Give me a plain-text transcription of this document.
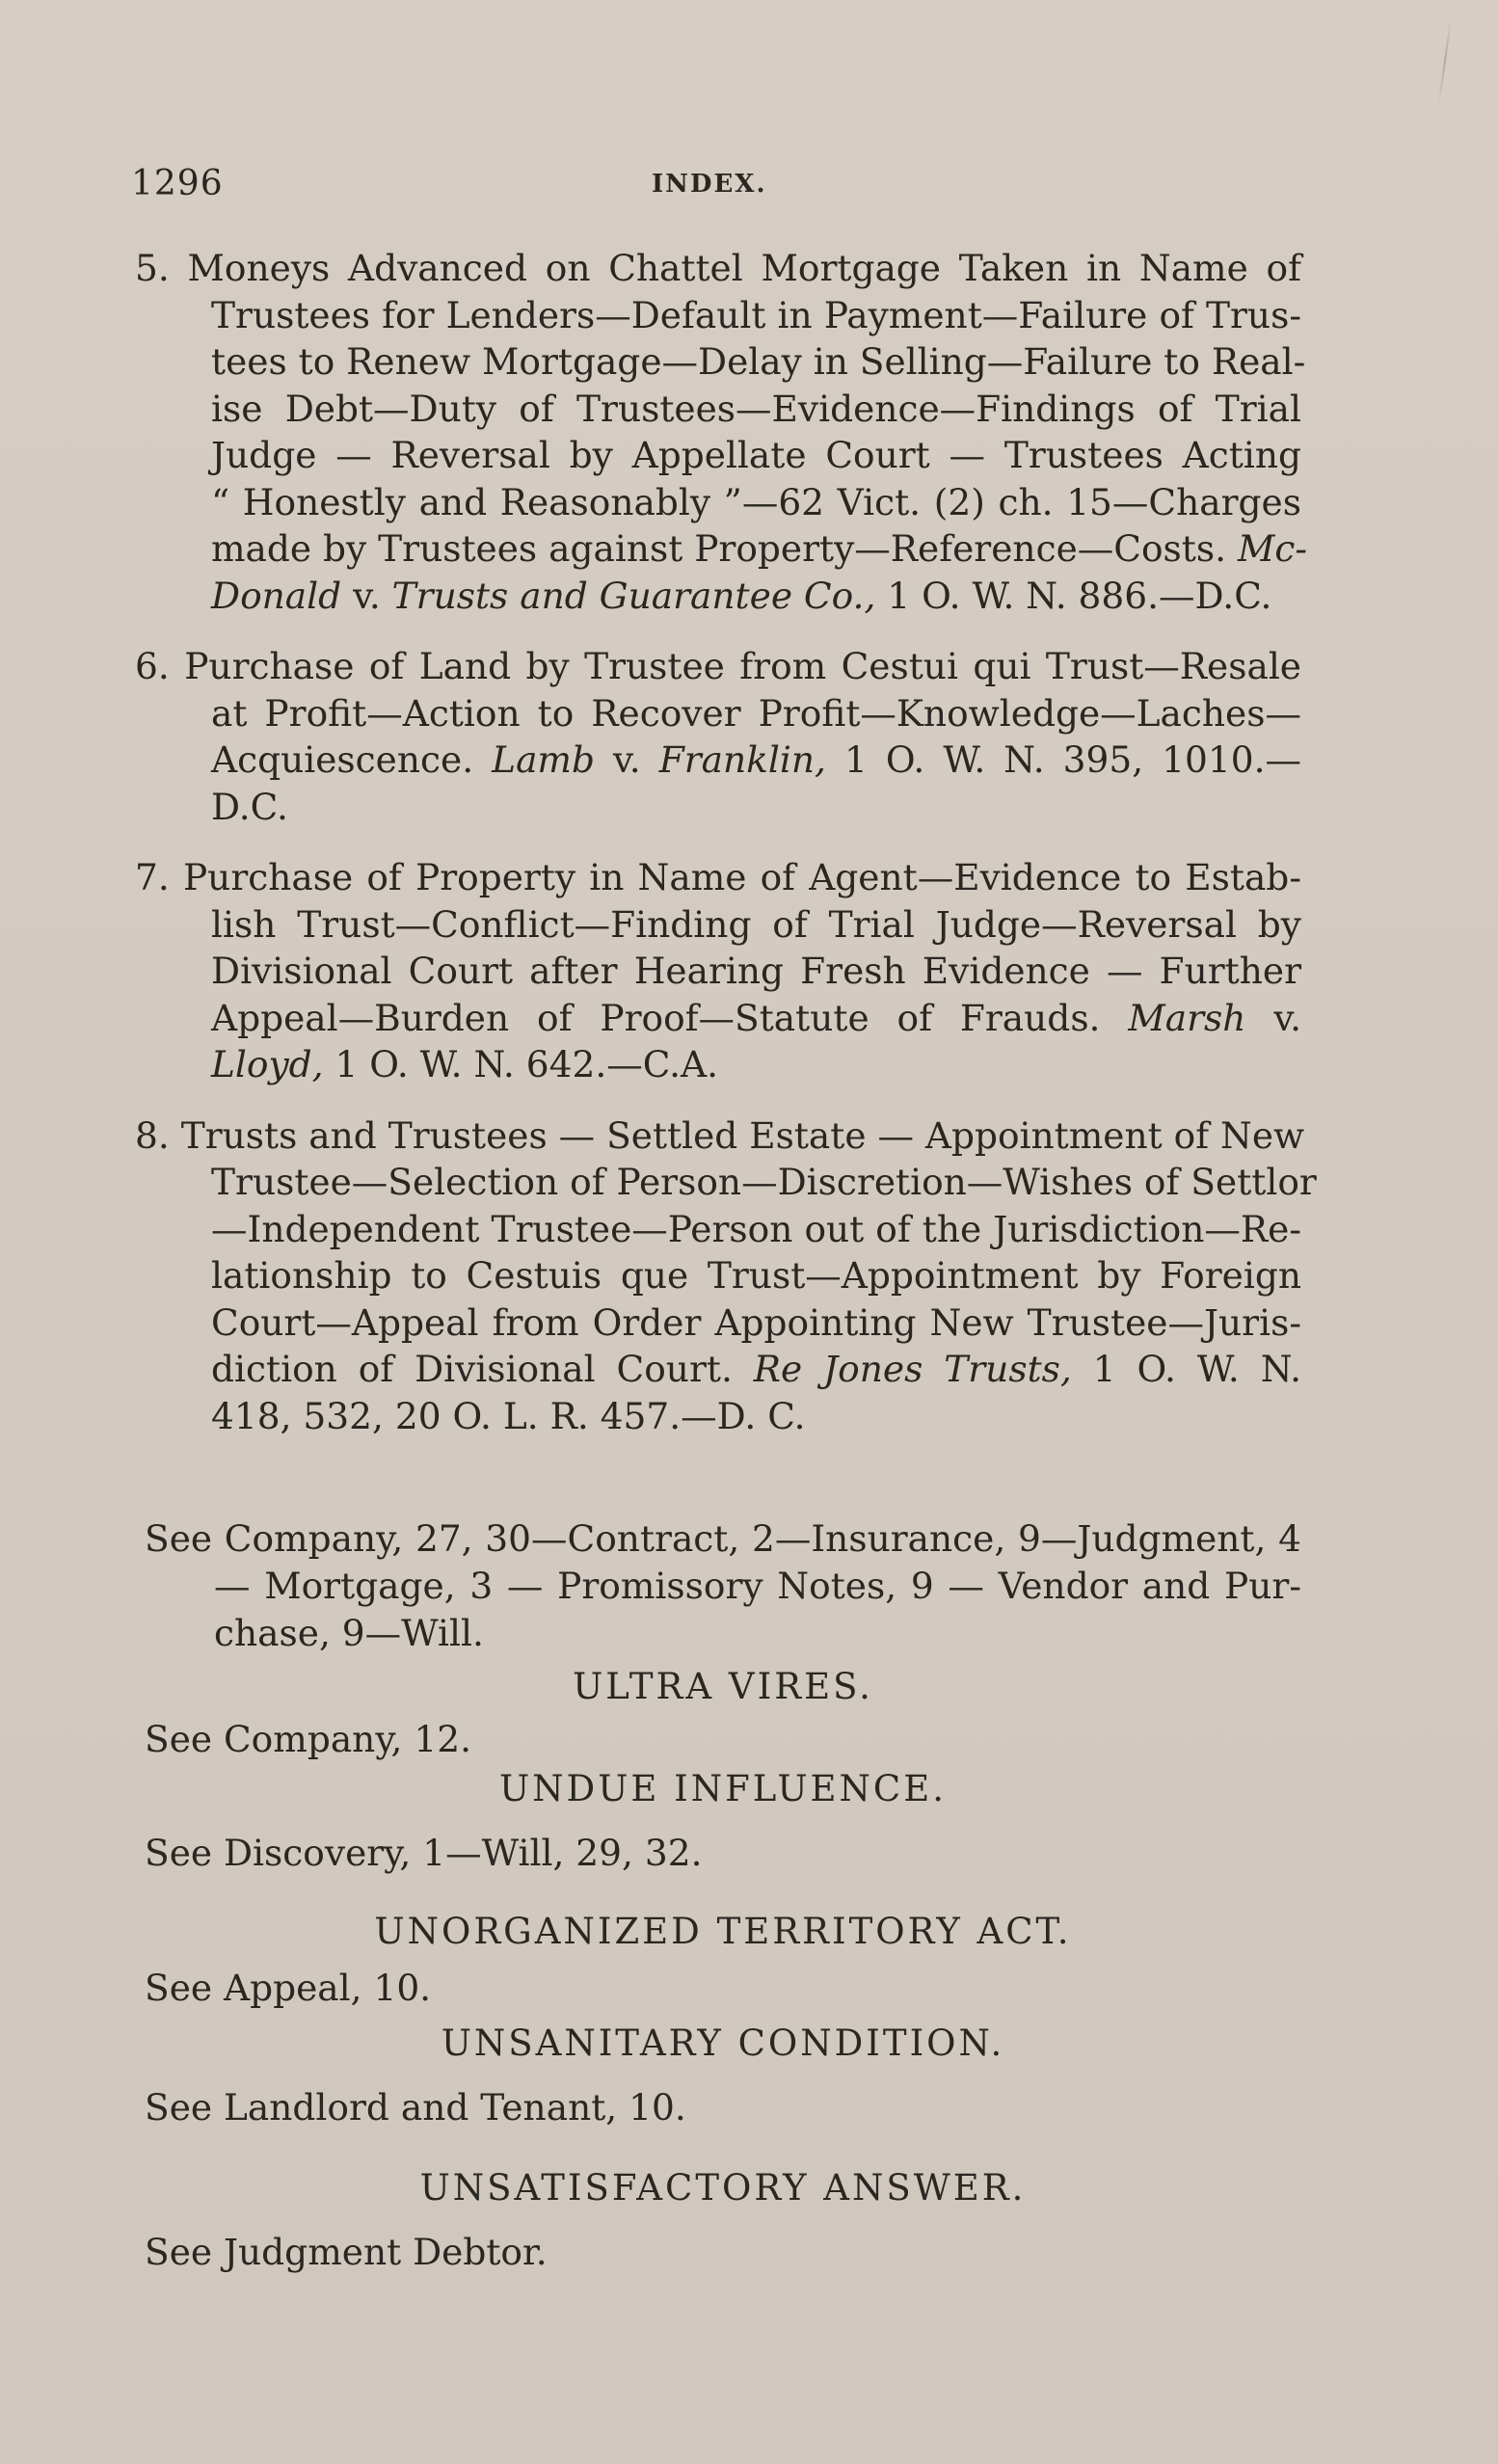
1296	INDEX.
5. Moneys Advanced on Chattel Mortgage Taken in Name of
Trustees for Lenders—Default in Payment—Failure of Trus-
tees to Renew Mortgage—Delay in Selling—Failure to Real-
ise Debt—Duty of Trustees—Evidence—Findings of Trial
Judge — Reversal by Appellate Court — Trustees Acting
“ Honestly and Reasonably ”—62 Vict. (2) ch. 15—Charges
made by Trustees against Property—Reference—Costs. Mc-
Donald v. Trusts and Guarantee Co., 1 O. W. N. 886.—D.C.
6. Purchase of Land by Trustee from Cestui qui Trust—Resale
at Profit—Action to Recover Profit—Knowledge—Laches—
Acquiescence. Lamb v. Franklin, 1 O. W. N. 395, 1010.—
D.C.
7. Purchase of Property in Name of Agent—Evidence to Estab-
lish Trust—Conflict—Finding of Trial Judge—Reversal by
Divisional Court after Hearing Fresh Evidence — Further
Appeal—Burden of Proof—Statute of Frauds. Marsh v.
Lloyd, 1 O. W. N. 642.—C.A.
8. Trusts and Trustees — Settled Estate — Appointment of New
Trustee—Selection of Person—Discretion—Wishes of Settlor
—Independent Trustee—Person out of the Jurisdiction—Re-
lationship to Cestuis que Trust—Appointment by Foreign
Court—Appeal from Order Appointing New Trustee—Juris-
diction of Divisional Court. Re Jones Trusts, 1 O. W. N.
418, 532, 20 O. L. R. 457.—D. C.
See Company, 27, 30—Contract, 2—Insurance, 9—Judgment, 4
— Mortgage, 3 — Promissory Notes, 9 — Vendor and Pur-
chase, 9—Will.
ULTRA VIRES.
See Company, 12.
UNDUE INFLUENCE.
See Discovery, 1—Will, 29, 32.
UNORGANIZED TERRITORY ACT.
See Appeal, 10.
UNSANITARY CONDITION.
See Landlord and Tenant, 10.
UNSATISFACTORY ANSWER.
See Judgment Debtor.
